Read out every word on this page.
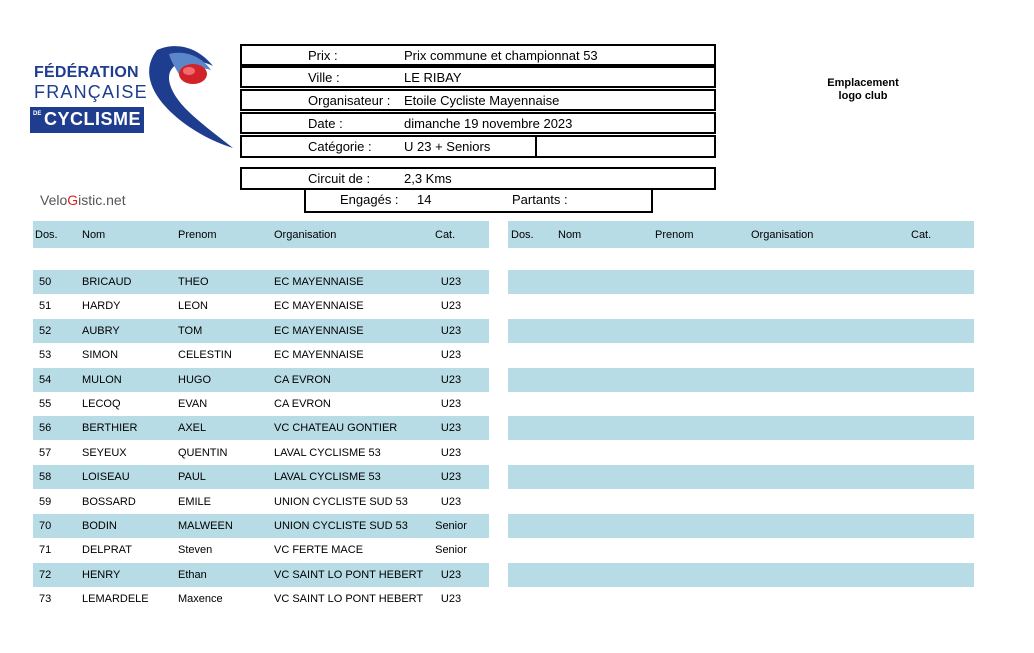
FÉDÉRATION
FRANÇAISE
DE CYCLISME
VeloGistic.net
Prix :	Prix commune et championnat 53
Ville :	LE RIBAY
Organisateur : Etoile Cycliste Mayennaise
Date :	dimanche 19 novembre 2023
Catégorie : U 23 + Seniors
Circuit de :	2,3 Kms
Engagés : 14	Partants :
Emplacement
logo club
Dos. Nom	Prenom	Organisation	Cat.
50	BRICAUD	THEO	EC MAYENNAISE	U23
51	HARDY	LEON	EC MAYENNAISE	U23
52	AUBRY	TOM	EC MAYENNAISE	U23
53	SIMON	CELESTIN	EC MAYENNAISE	U23
54	MULON	HUGO	CA EVRON	U23
55	LECOQ	EVAN	CA EVRON	U23
56	BERTHIER	AXEL	VC CHATEAU GONTIER	U23
57	SEYEUX	QUENTIN	LAVAL CYCLISME 53	U23
58	LOISEAU	PAUL	LAVAL CYCLISME 53	U23
59	BOSSARD	EMILE	UNION CYCLISTE SUD 53	U23
70	BODIN	MALWEEN	UNION CYCLISTE SUD 53 Senior
71	DELPRAT	Steven	VC FERTE MACE	Senior
72	HENRY	Ethan	VC SAINT LO PONT HEBERT U23
73	LEMARDELE	Maxence	VC SAINT LO PONT HEBERT U23
Dos. Nom	Prenom	Organisation	Cat.
